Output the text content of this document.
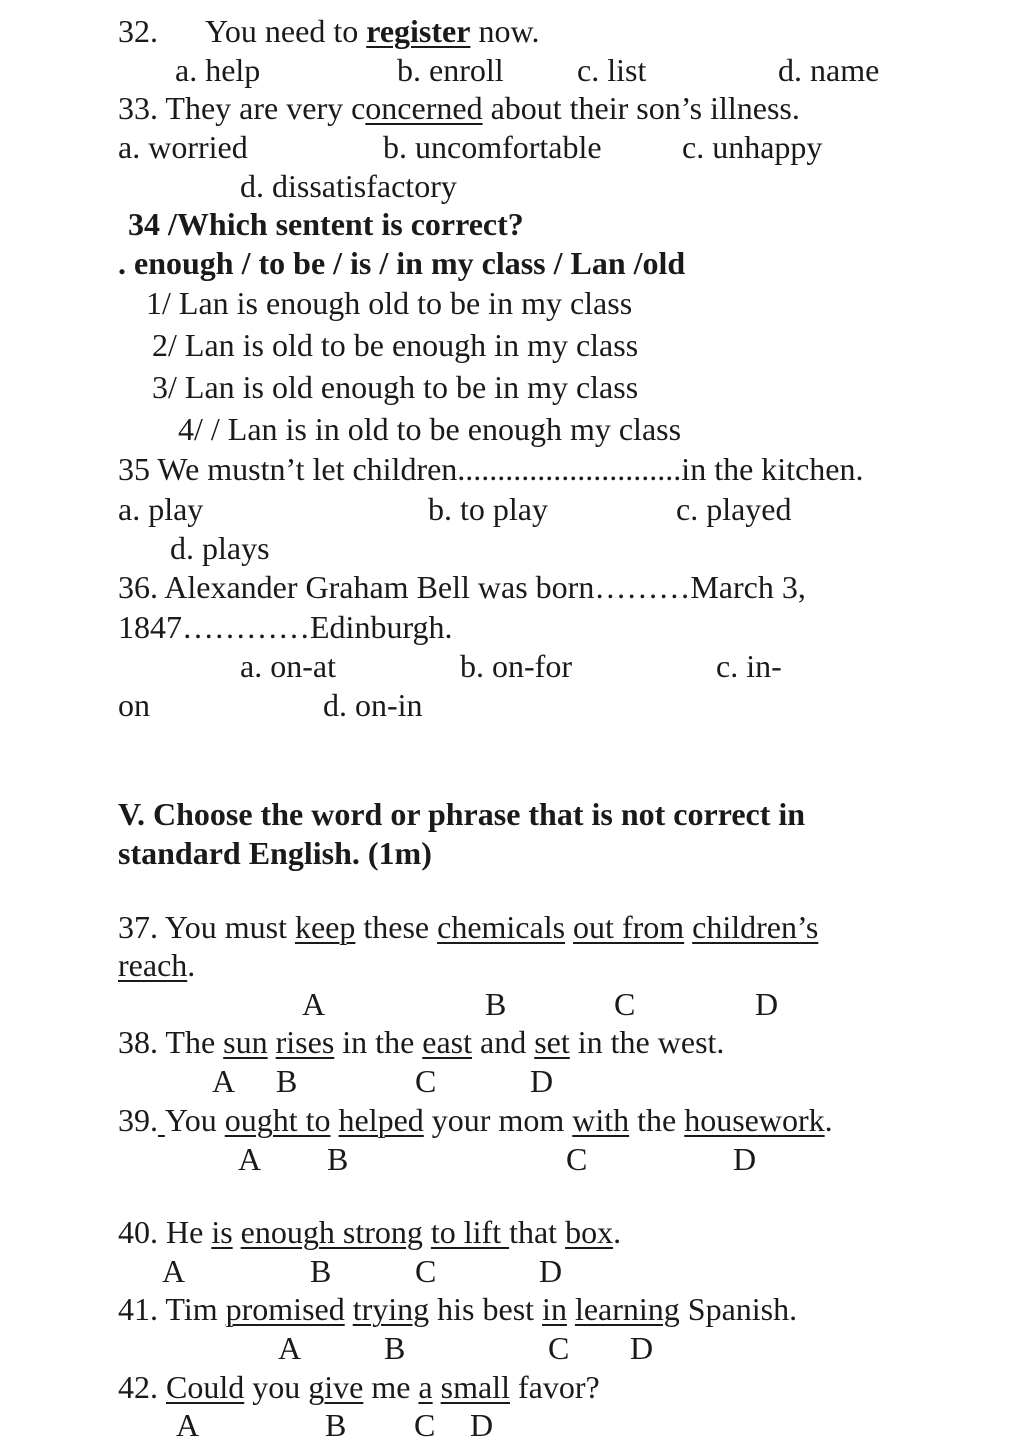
32. You need to register now.
a. help	b. enroll c. list	d. name
33. They are very concerned about their son’s illness.
a. worried	b. uncomfortable	c. unhappy
d. dissatisfactory
34 /Which sentent is correct?
. enough / to be / is / in my class / Lan /old
1/ Lan is enough old to be in my class
2/ Lan is old to be enough in my class
3/ Lan is old enough to be in my class
4/ / Lan is in old to be enough my class
35 We mustn’t let children............................in the kitchen.
a. play	b. to play	c. played
d. plays
36. Alexander Graham Bell was born………March 3,
1847…………Edinburgh.
a. on-at	b. on-for	c. in-
on	d. on-in
V. Choose the word or phrase that is not correct in
standard English. (1m)
37. You must keep these chemicals out from children’s
reach.
A	B	C	D
38. The sun rises in the east and set in the west.
A B	C	D
39. You ought to helped your mom with the housework.
A B	C	D
40. He is enough strong to lift that box.
A	B	C	D
41. Tim promised trying his best in learning Spanish.
A	B	C D
42. Could you give me a small favor?
A	B C D
